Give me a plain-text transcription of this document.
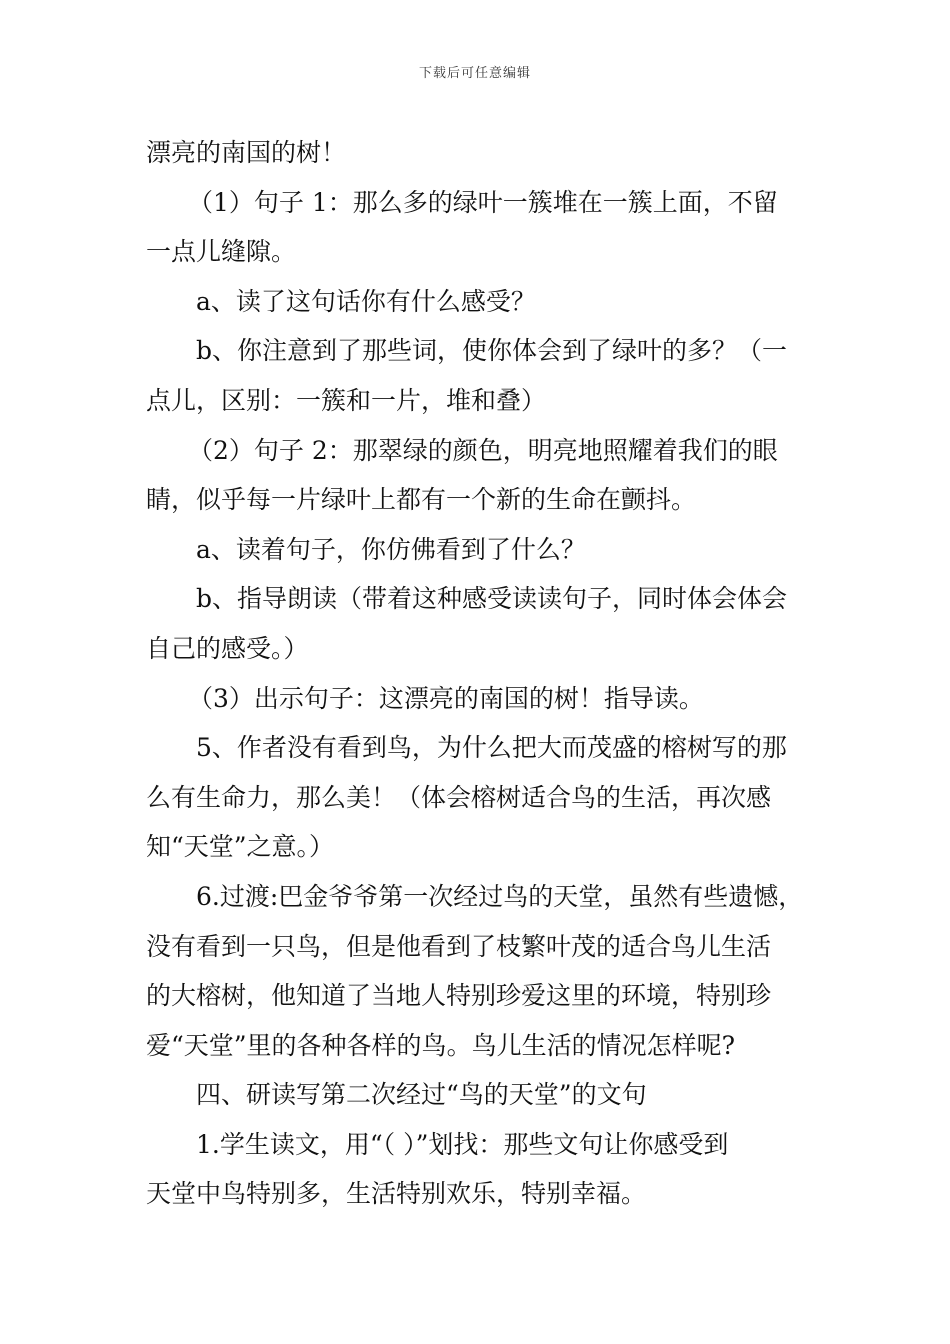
下载后可任意编辑
漂亮的南国的树！
（1）句子 1：那么多的绿叶一簇堆在一簇上面，不留
一点儿缝隙。
a、读了这句话你有什么感受？
b、你注意到了那些词，使你体会到了绿叶的多？（一
点儿，区别：一簇和一片，堆和叠）
（2）句子 2：那翠绿的颜色，明亮地照耀着我们的眼
睛，似乎每一片绿叶上都有一个新的生命在颤抖。
a、读着句子，你仿佛看到了什么？
b、指导朗读（带着这种感受读读句子，同时体会体会
自己的感受。）
（3）出示句子：这漂亮的南国的树！指导读。
5、作者没有看到鸟，为什么把大而茂盛的榕树写的那
么有生命力，那么美！（体会榕树适合鸟的生活，再次感
知“天堂”之意。）
6.过渡:巴金爷爷第一次经过鸟的天堂，虽然有些遗憾，
没有看到一只鸟，但是他看到了枝繁叶茂的适合鸟儿生活
的大榕树，他知道了当地人特别珍爱这里的环境，特别珍
爱“天堂”里的各种各样的鸟。鸟儿生活的情况怎样呢?
四、研读写第二次经过“鸟的天堂”的文句
1.学生读文，用“（ ）”划找：那些文句让你感受到
天堂中鸟特别多，生活特别欢乐，特别幸福。
